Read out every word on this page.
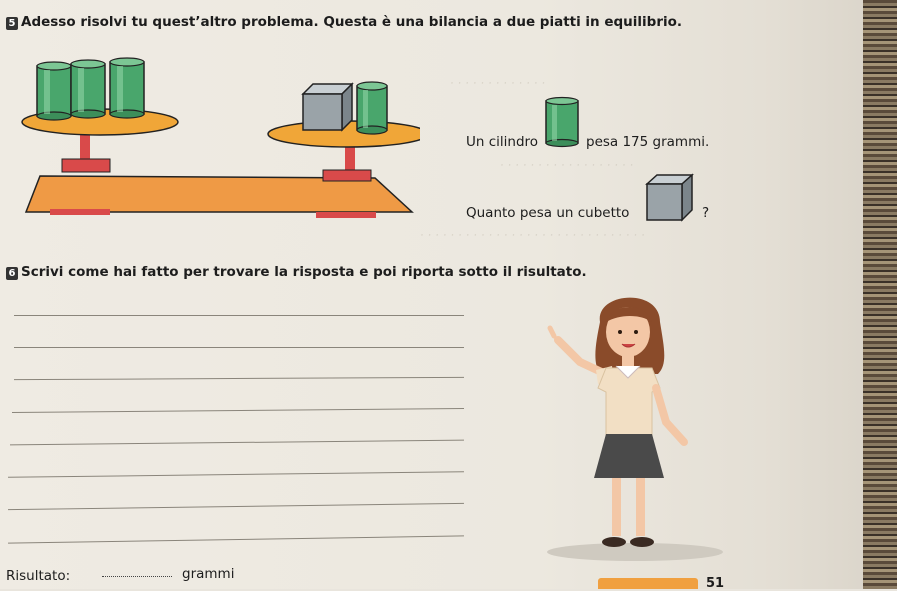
· · · · · · · · · · · · ·
· · · · · · · · · · · · · · · · · ·
· · · · · · · · · · · · · · · · · · · · · · · · · · · · · ·
5 Adesso risolvi tu quest’altro problema. Questa è una bilancia a due piatti in equilibrio.
Un cilindro	pesa 175 grammi.
Quanto pesa un cubetto	?
6 Scrivi come hai fatto per trovare la risposta e poi riporta sotto il risultato.
Risultato:	grammi
51
